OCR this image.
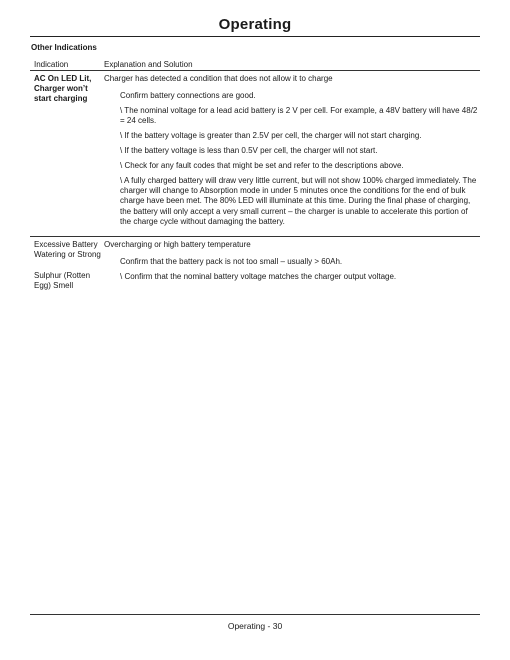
Operating
Other Indications
Indication	Explanation and Solution
AC On LED Lit, Charger won’t start charging
Charger has detected a condition that does not allow it to charge
Confirm battery connections are good.
\ The nominal voltage for a lead acid battery is 2 V per cell. For example, a 48V battery will have 48/2 = 24 cells.
\ If the battery voltage is greater than 2.5V per cell, the charger will not start charging.
\ If the battery voltage is less than 0.5V per cell, the charger will not start.
\ Check for any fault codes that might be set and refer to the descriptions above.
\ A fully charged battery will draw very little current, but will not show 100% charged immediately. The charger will change to Absorption mode in under 5 minutes once the conditions for the end of bulk charge have been met. The 80% LED will illuminate at this time. During the final phase of charging, the battery will only accept a very small current – the charger is unable to accelerate this portion of the charge cycle without damaging the battery.
Excessive Battery Watering or Strong
Sulphur (Rotten Egg) Smell
Overcharging or high battery temperature
Confirm that the battery pack is not too small – usually > 60Ah.
\ Confirm that the nominal battery voltage matches the charger output voltage.
Operating - 30
